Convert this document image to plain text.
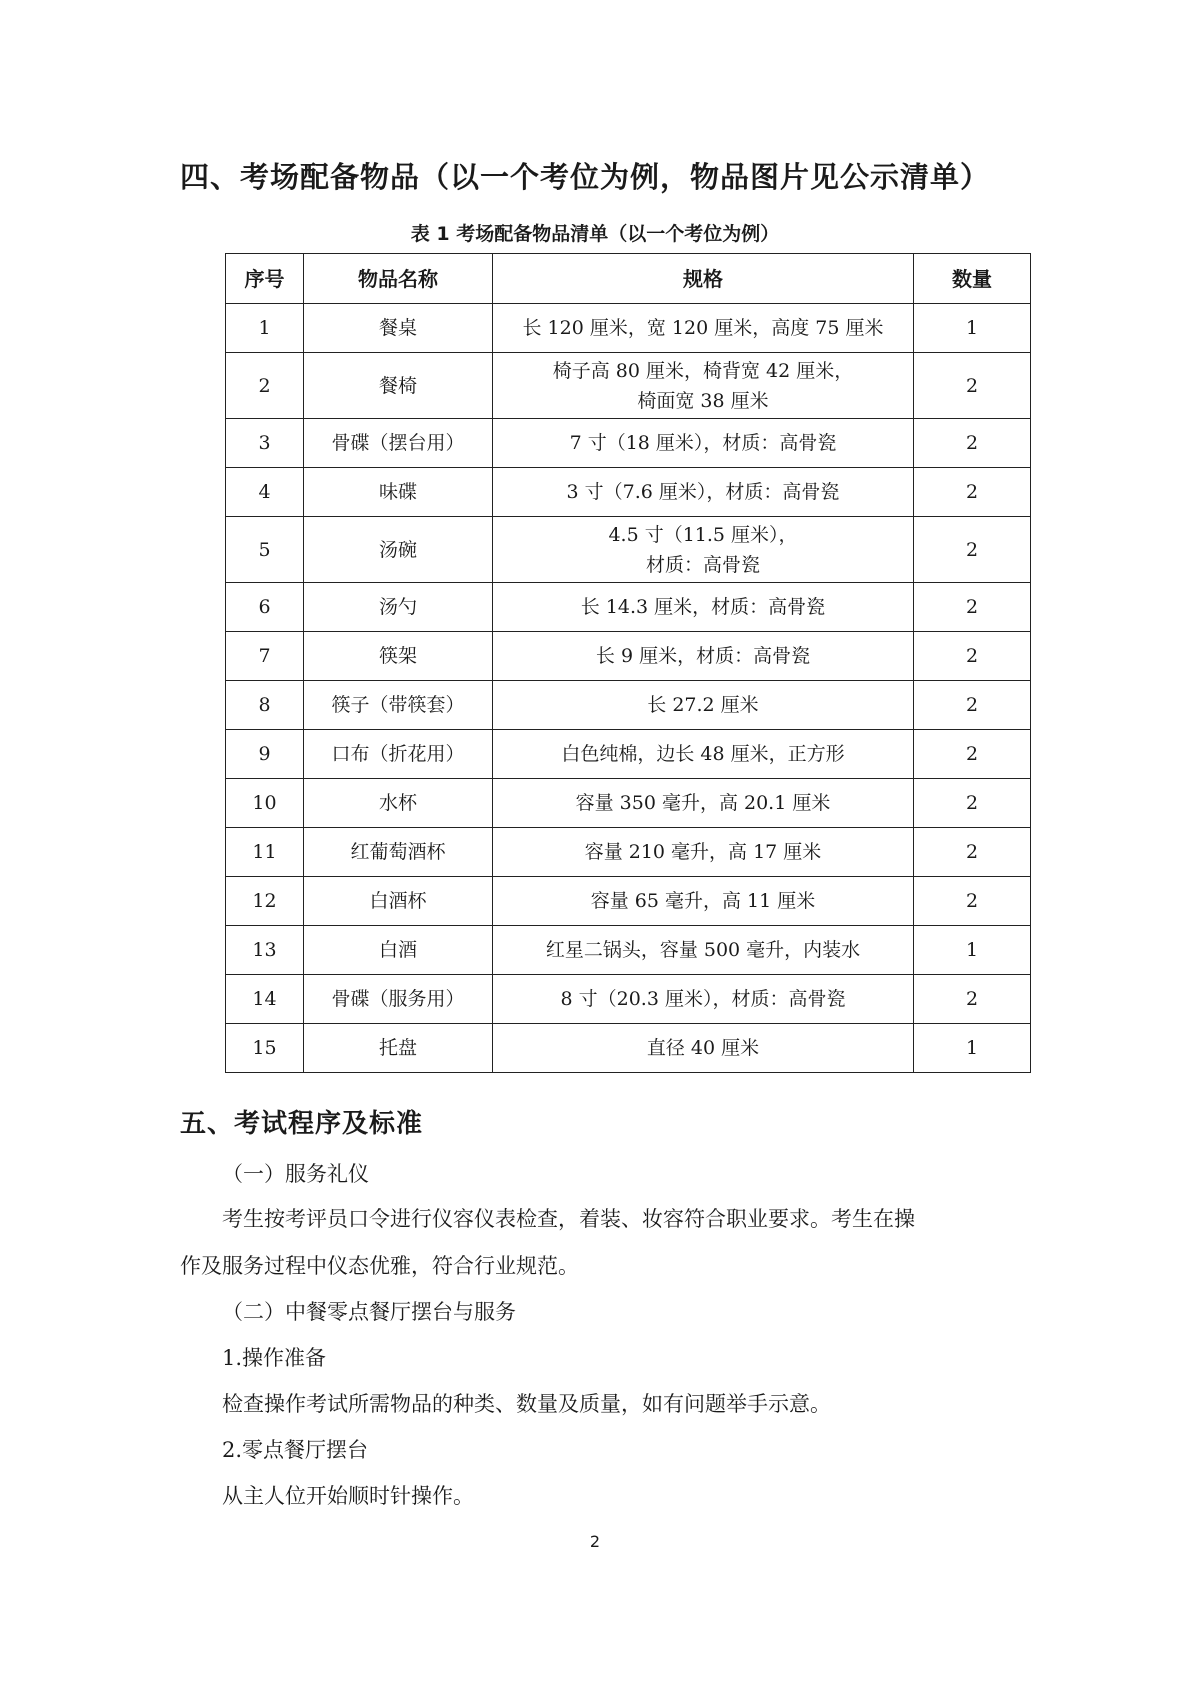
四、考场配备物品（以一个考位为例，物品图片见公示清单）
表 1 考场配备物品清单（以一个考位为例）
序号	物品名称	规格	数量
1	餐桌	长 120 厘米，宽 120 厘米，高度 75 厘米	1
2	餐椅	椅子高 80 厘米，椅背宽 42 厘米，
椅面宽 38 厘米	2
3	骨碟（摆台用）	7 寸（18 厘米），材质：高骨瓷	2
4	味碟	3 寸（7.6 厘米），材质：高骨瓷	2
5	汤碗	4.5 寸（11.5 厘米），
材质：高骨瓷	2
6	汤勺	长 14.3 厘米，材质：高骨瓷	2
7	筷架	长 9 厘米，材质：高骨瓷	2
8	筷子（带筷套）	长 27.2 厘米	2
9	口布（折花用）	白色纯棉，边长 48 厘米，正方形	2
10	水杯	容量 350 毫升，高 20.1 厘米	2
11	红葡萄酒杯	容量 210 毫升，高 17 厘米	2
12	白酒杯	容量 65 毫升，高 11 厘米	2
13	白酒	红星二锅头，容量 500 毫升，内装水	1
14	骨碟（服务用）	8 寸（20.3 厘米），材质：高骨瓷	2
15	托盘	直径 40 厘米	1
五、考试程序及标准
（一）服务礼仪
考生按考评员口令进行仪容仪表检查，着装、妆容符合职业要求。考生在操
作及服务过程中仪态优雅，符合行业规范。
（二）中餐零点餐厅摆台与服务
1.操作准备
检查操作考试所需物品的种类、数量及质量，如有问题举手示意。
2.零点餐厅摆台
从主人位开始顺时针操作。
2
